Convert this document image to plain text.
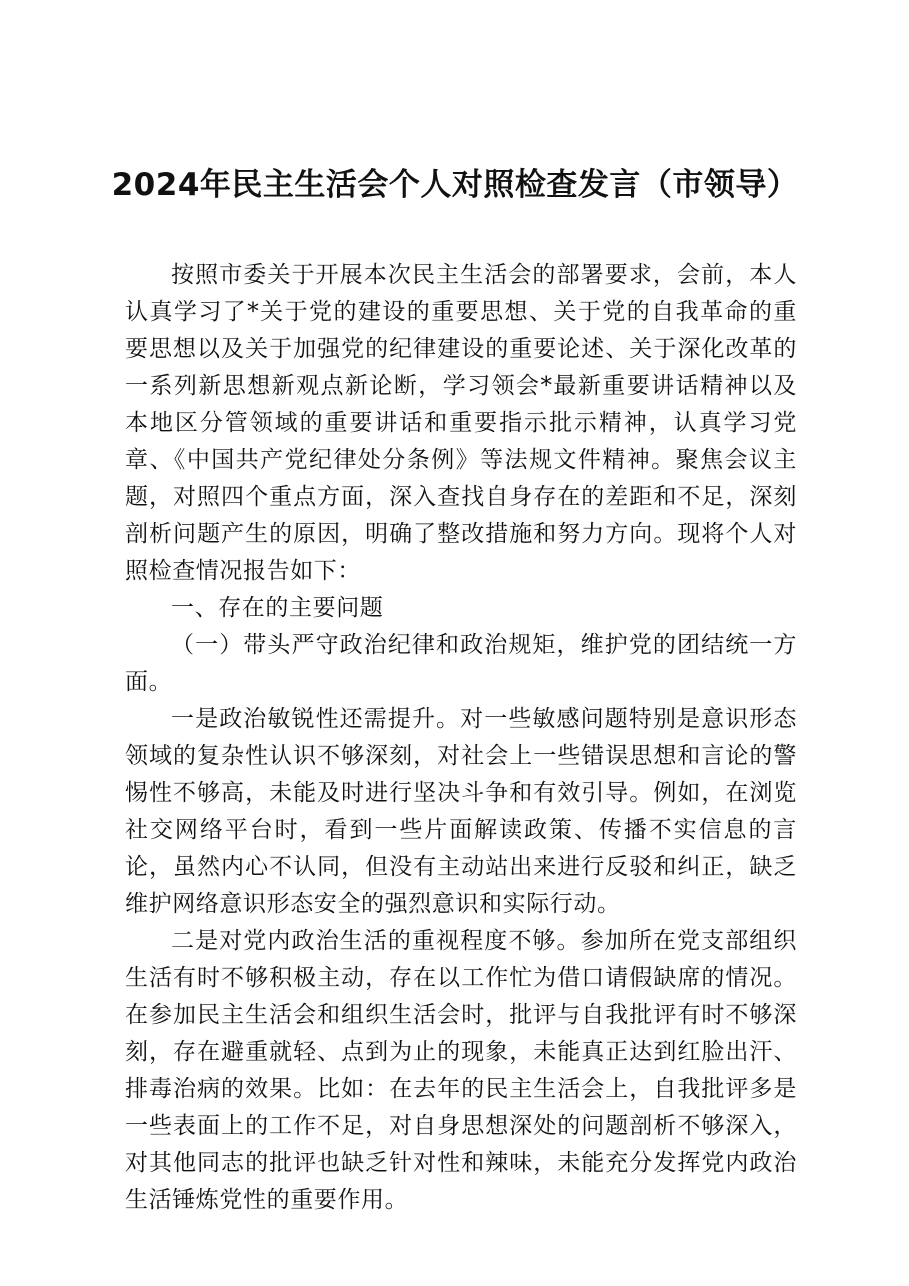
2024年民主生活会个人对照检查发言（市领导）

按照市委关于开展本次民主生活会的部署要求，会前，本人认真学习了*关于党的建设的重要思想、关于党的自我革命的重要思想以及关于加强党的纪律建设的重要论述、关于深化改革的一系列新思想新观点新论断，学习领会*最新重要讲话精神以及本地区分管领域的重要讲话和重要指示批示精神，认真学习党章、《中国共产党纪律处分条例》等法规文件精神。聚焦会议主题，对照四个重点方面，深入查找自身存在的差距和不足，深刻剖析问题产生的原因，明确了整改措施和努力方向。现将个人对照检查情况报告如下：

一、存在的主要问题

（一）带头严守政治纪律和政治规矩，维护党的团结统一方面。

一是政治敏锐性还需提升。对一些敏感问题特别是意识形态领域的复杂性认识不够深刻，对社会上一些错误思想和言论的警惕性不够高，未能及时进行坚决斗争和有效引导。例如，在浏览社交网络平台时，看到一些片面解读政策、传播不实信息的言论，虽然内心不认同，但没有主动站出来进行反驳和纠正，缺乏维护网络意识形态安全的强烈意识和实际行动。

二是对党内政治生活的重视程度不够。参加所在党支部组织生活有时不够积极主动，存在以工作忙为借口请假缺席的情况。在参加民主生活会和组织生活会时，批评与自我批评有时不够深刻，存在避重就轻、点到为止的现象，未能真正达到红脸出汗、排毒治病的效果。比如：在去年的民主生活会上，自我批评多是一些表面上的工作不足，对自身思想深处的问题剖析不够深入，对其他同志的批评也缺乏针对性和辣味，未能充分发挥党内政治生活锤炼党性的重要作用。
